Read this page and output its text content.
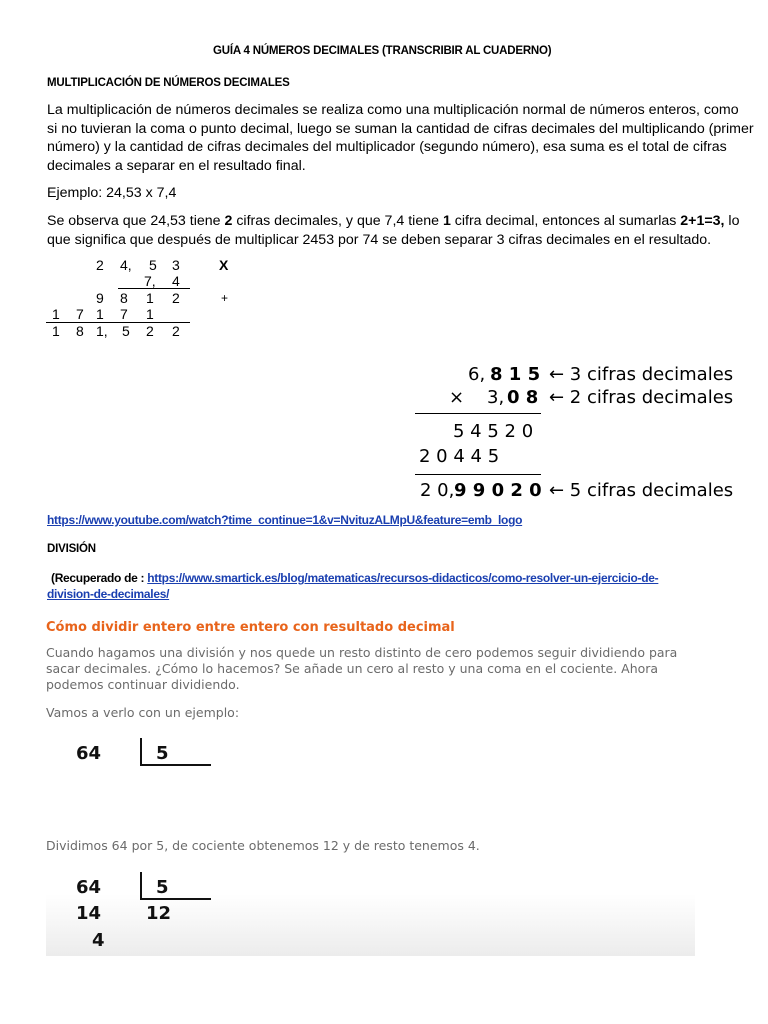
GUÍA 4 NÚMEROS DECIMALES (TRANSCRIBIR AL CUADERNO)
MULTIPLICACIÓN DE NÚMEROS DECIMALES
La multiplicación de números decimales se realiza como una multiplicación normal de números enteros, como
si no tuvieran la coma o punto decimal, luego se suman la cantidad de cifras decimales del multiplicando (primer
número) y la cantidad de cifras decimales del multiplicador (segundo número), esa suma es el total de cifras
decimales a separar en el resultado final.
Ejemplo: 24,53 x 7,4
Se observa que 24,53 tiene 2 cifras decimales, y que 7,4 tiene 1 cifra decimal, entonces al sumarlas 2+1=3, lo
que significa que después de multiplicar 2453 por 74 se deben separar 3 cifras decimales en el resultado.
2 4, 5 3	X
7, 4
9 8 1 2	+
1 7 1 7 1
1 8 1, 5 2 2
6, 8 1 5 ← 3 cifras decimales
× 3, 0 8 ← 2 cifras decimales
5 4 5 2 0
2 0 4 4 5
2 0, 9 9 0 2 0 ← 5 cifras decimales
https://www.youtube.com/watch?time_continue=1&v=NvituzALMpU&feature=emb_logo
DIVISIÓN
(Recuperado de : https://www.smartick.es/blog/matematicas/recursos-didacticos/como-resolver-un-ejercicio-de-
division-de-decimales/
Cómo dividir entero entre entero con resultado decimal
Cuando hagamos una división y nos quede un resto distinto de cero podemos seguir dividiendo para
sacar decimales. ¿Cómo lo hacemos? Se añade un cero al resto y una coma en el cociente. Ahora
podemos continuar dividiendo.
Vamos a verlo con un ejemplo:
64	5
Dividimos 64 por 5, de cociente obtenemos 12 y de resto tenemos 4.
64	5
14 12
4
